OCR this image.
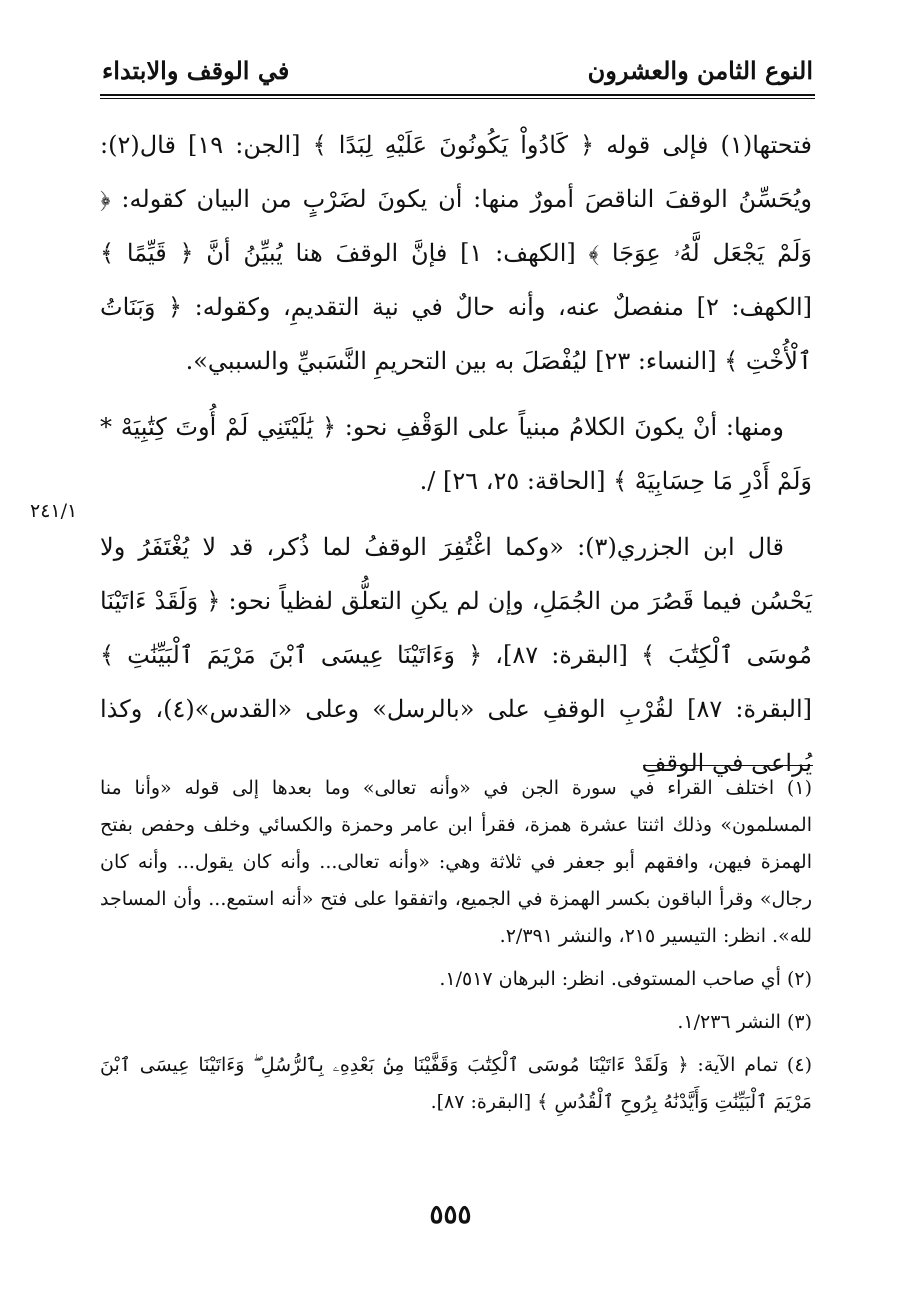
النوع الثامن والعشرون
في الوقف والابتداء

فتحتها(١) فإلى قوله ﴿ كَادُواْ يَكُونُونَ عَلَيْهِ لِبَدًا ﴾ [الجن: ١٩] قال(٢): ويُحَسِّنُ الوقفَ الناقصَ أمورٌ منها: أن يكونَ لضَرْبٍ من البيان كقوله: ﴿ وَلَمْ يَجْعَل لَّهُۥ عِوَجَا ﴾ [الكهف: ١] فإنَّ الوقفَ هنا يُبيِّنُ أنَّ ﴿ قَيِّمًا ﴾ [الكهف: ٢] منفصلٌ عنه، وأنه حالٌ في نية التقديمِ، وكقوله: ﴿ وَبَنَاتُ ٱلْأُخْتِ ﴾ [النساء: ٢٣] ليُفْصَلَ به بين التحريمِ النَّسَبيِّ والسببي».

ومنها: أنْ يكونَ الكلامُ مبنياً على الوَقْفِ نحو: ﴿ يَٰلَيْتَنِي لَمْ أُوتَ كِتَٰبِيَهْ * وَلَمْ أَدْرِ مَا حِسَابِيَهْ ﴾ [الحاقة: ٢٥، ٢٦] /.

قال ابن الجزري(٣): «وكما اغْتُفِرَ الوقفُ لما ذُكر، قد لا يُغْتَفَرُ ولا يَحْسُن فيما قَصُرَ من الجُمَلِ، وإن لم يكنِ التعلُّق لفظياً نحو: ﴿ وَلَقَدْ ءَاتَيْنَا مُوسَى ٱلْكِتَٰبَ ﴾ [البقرة: ٨٧]، ﴿ وَءَاتَيْنَا عِيسَى ٱبْنَ مَرْيَمَ ٱلْبَيِّنَٰتِ ﴾ [البقرة: ٨٧] لقُرْبِ الوقفِ على «بالرسل» وعلى «القدس»(٤)، وكذا يُراعى في الوقفِ

٢٤١/١

(١) اختلف القراء في سورة الجن في «وأنه تعالى» وما بعدها إلى قوله «وأنا منا المسلمون» وذلك اثنتا عشرة همزة، فقرأ ابن عامر وحمزة والكسائي وخلف وحفص بفتح الهمزة فيهن، وافقهم أبو جعفر في ثلاثة وهي: «وأنه تعالى... وأنه كان يقول... وأنه كان رجال» وقرأ الباقون بكسر الهمزة في الجميع، واتفقوا على فتح «أنه استمع... وأن المساجد لله». انظر: التيسير ٢١٥، والنشر ٢/٣٩١.

(٢) أي صاحب المستوفى. انظر: البرهان ١/٥١٧.

(٣) النشر ١/٢٣٦.

(٤) تمام الآية: ﴿ وَلَقَدْ ءَاتَيْنَا مُوسَى ٱلْكِتَٰبَ وَقَفَّيْنَا مِنۢ بَعْدِهِۦ بِٱلرُّسُلِ ۖ وَءَاتَيْنَا عِيسَى ٱبْنَ مَرْيَمَ ٱلْبَيِّنَٰتِ وَأَيَّدْنَٰهُ بِرُوحِ ٱلْقُدُسِ ﴾ [البقرة: ٨٧].

٥٥٥
